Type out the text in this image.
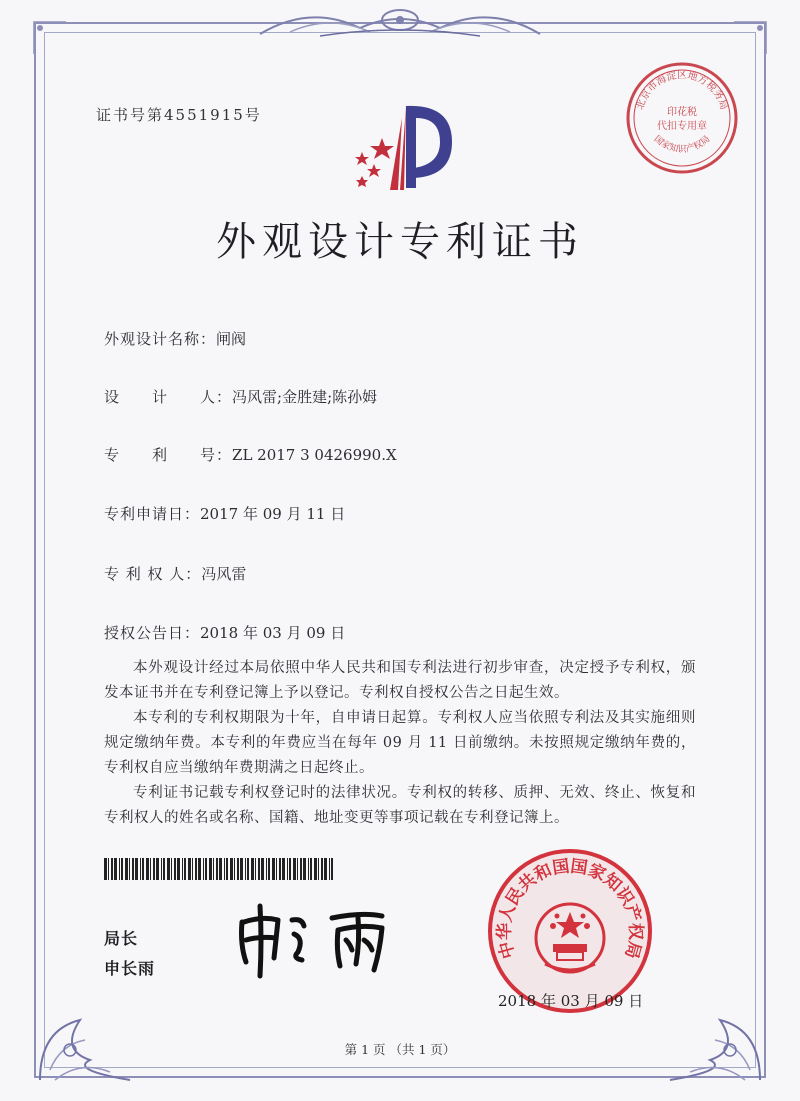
证书号第4551915号
北京市海淀区地方税务局
印花税
代扣专用章
国家知识产权局
外观设计专利证书
外观设计名称：闸阀
设　　计　　人：冯风雷;金胜建;陈孙姆
专　　利　　号：ZL 2017 3 0426990.X
专利申请日：2017 年 09 月 11 日
专 利 权 人：冯风雷
授权公告日：2018 年 03 月 09 日

本外观设计经过本局依照中华人民共和国专利法进行初步审查，决定授予专利权，颁发本证书并在专利登记簿上予以登记。专利权自授权公告之日起生效。

本专利的专利权期限为十年，自申请日起算。专利权人应当依照专利法及其实施细则规定缴纳年费。本专利的年费应当在每年 09 月 11 日前缴纳。未按照规定缴纳年费的，专利权自应当缴纳年费期满之日起终止。

专利证书记载专利权登记时的法律状况。专利权的转移、质押、无效、终止、恢复和专利权人的姓名或名称、国籍、地址变更等事项记载在专利登记簿上。

局长
申长雨
中华人民共和国国家知识产权局
2018 年 03 月 09 日
第 1 页 （共 1 页）
